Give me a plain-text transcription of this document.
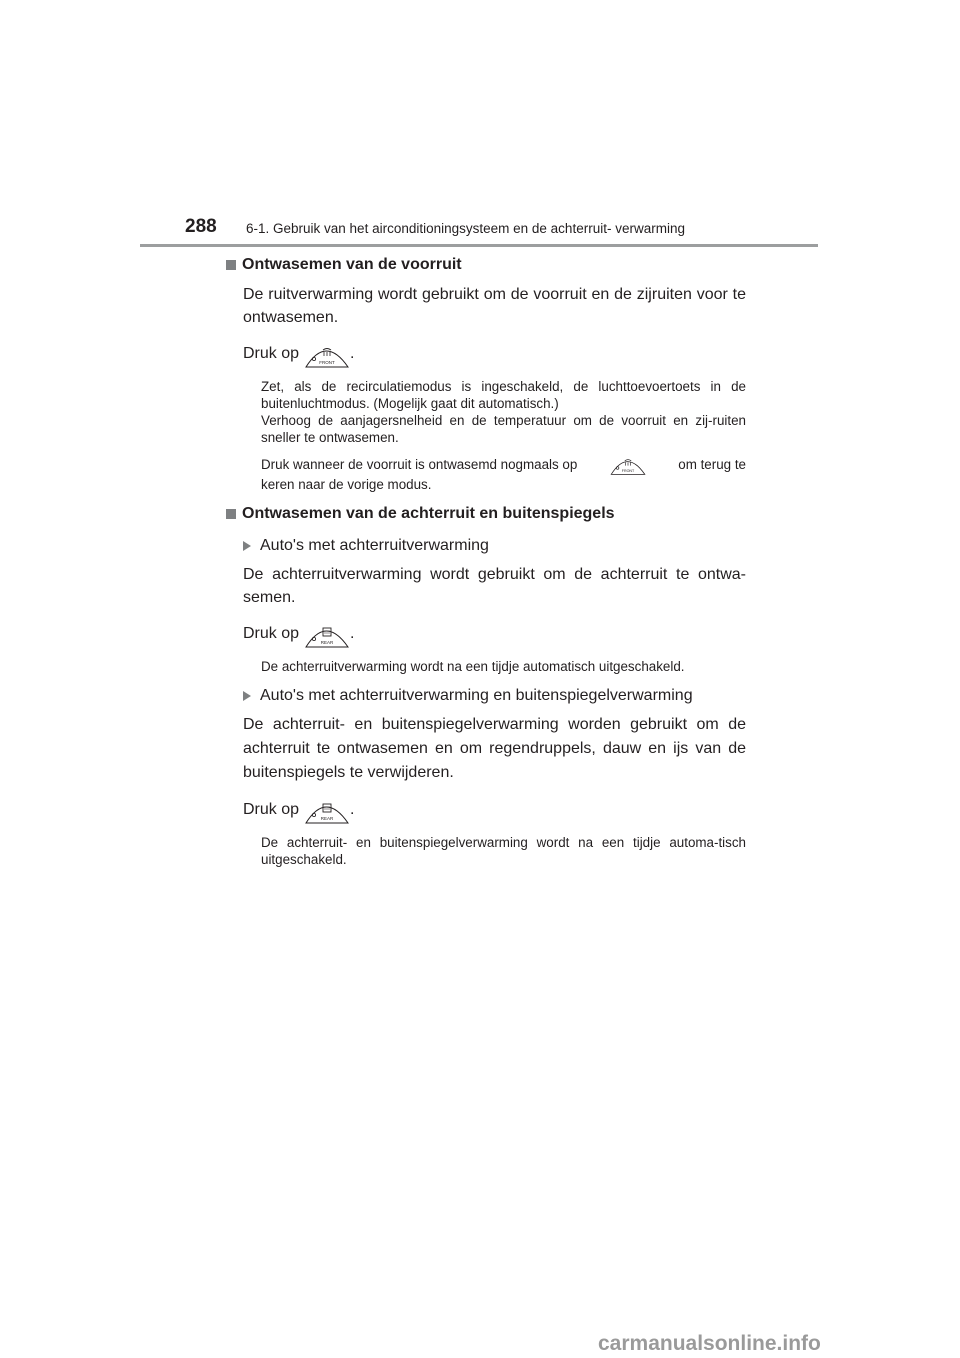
288 6-1. Gebruik van het airconditioningsysteem en de achterruit- verwarming
Ontwasemen van de voorruit

De ruitverwarming wordt gebruikt om de voorruit en de zijruiten voor te ontwasemen.

Druk op
FRONT
.

Zet, als de recirculatiemodus is ingeschakeld, de luchttoevoertoets in de buitenluchtmodus. (Mogelijk gaat dit automatisch.)

Verhoog de aanjagersnelheid en de temperatuur om de voorruit en zij-ruiten sneller te ontwasemen.

Druk wanneer de voorruit is ontwasemd nogmaals op	FRONT	om terug te

keren naar de vorige modus.

Ontwasemen van de achterruit en buitenspiegels
Auto's met achterruitverwarming

De achterruitverwarming wordt gebruikt om de achterruit te ontwa-semen.

Druk op
REAR
.

De achterruitverwarming wordt na een tijdje automatisch uitgeschakeld.

Auto's met achterruitverwarming en buitenspiegelverwarming

De achterruit- en buitenspiegelverwarming worden gebruikt om de achterruit te ontwasemen en om regendruppels, dauw en ijs van de buitenspiegels te verwijderen.

Druk op
REAR
.

De achterruit- en buitenspiegelverwarming wordt na een tijdje automa-tisch uitgeschakeld.

carmanualsonline.info
